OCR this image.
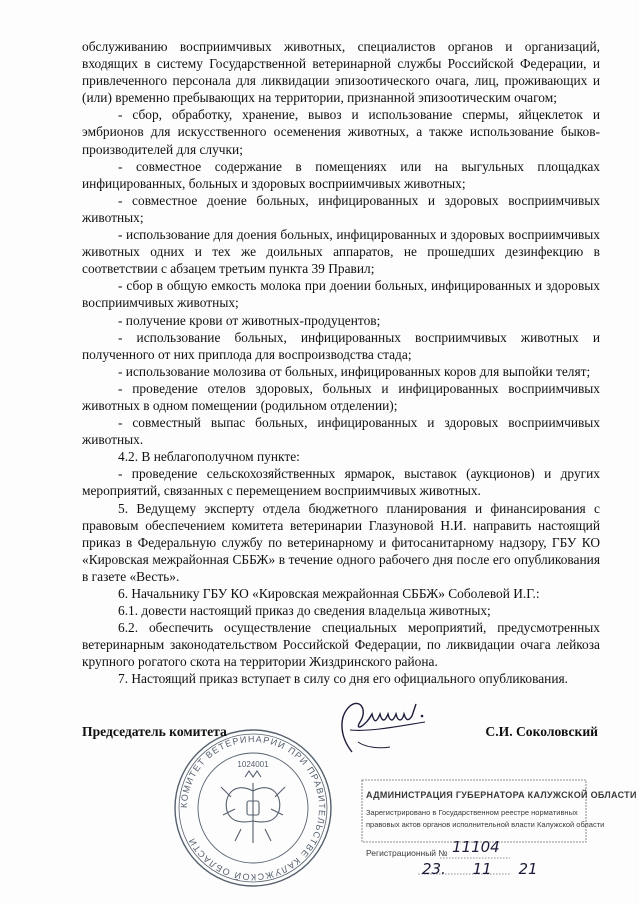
обслуживанию восприимчивых животных, специалистов органов и организаций, входящих в систему Государственной ветеринарной службы Российской Федерации, и привлеченного персонала для ликвидации эпизоотического очага, лиц, проживающих и (или) временно пребывающих на территории, признанной эпизоотическим очагом;

- сбор, обработку, хранение, вывоз и использование спермы, яйцеклеток и эмбрионов для искусственного осеменения животных, а также использование быков-производителей для случки;

- совместное содержание в помещениях или на выгульных площадках инфицированных, больных и здоровых восприимчивых животных;

- совместное доение больных, инфицированных и здоровых восприимчивых животных;

- использование для доения больных, инфицированных и здоровых восприимчивых животных одних и тех же доильных аппаратов, не прошедших дезинфекцию в соответствии с абзацем третьим пункта 39 Правил;

- сбор в общую емкость молока при доении больных, инфицированных и здоровых восприимчивых животных;

- получение крови от животных-продуцентов;

- использование больных, инфицированных восприимчивых животных и полученного от них приплода для воспроизводства стада;

- использование молозива от больных, инфицированных коров для выпойки телят;

- проведение отелов здоровых, больных и инфицированных восприимчивых животных в одном помещении (родильном отделении);

- совместный выпас больных, инфицированных и здоровых восприимчивых животных.

4.2. В неблагополучном пункте:

- проведение сельскохозяйственных ярмарок, выставок (аукционов) и других мероприятий, связанных с перемещением восприимчивых животных.

5. Ведущему эксперту отдела бюджетного планирования и финансирования с правовым обеспечением комитета ветеринарии Глазуновой Н.И. направить настоящий приказ в Федеральную службу по ветеринарному и фитосанитарному надзору, ГБУ КО «Кировская межрайонная СББЖ» в течение одного рабочего дня после его опубликования в газете «Весть».

6. Начальнику ГБУ КО «Кировская межрайонная СББЖ» Соболевой И.Г.:

6.1. довести настоящий приказ до сведения владельца животных;

6.2. обеспечить осуществление специальных мероприятий, предусмотренных ветеринарным законодательством Российской Федерации, по ликвидации очага лейкоза крупного рогатого скота на территории Жиздринского района.

7. Настоящий приказ вступает в силу со дня его официального опубликования.

КОМИТЕТ ВЕТЕРИНАРИИ ПРИ ПРАВИТЕЛЬСТВЕ КАЛУЖСКОЙ ОБЛАСТИ
1024001
Председатель комитета	С.И. Соколовский
АДМИНИСТРАЦИЯ ГУБЕРНАТОРА КАЛУЖСКОЙ ОБЛАСТИ
Зарегистрировано в Государственном реестре нормативных
правовых актов органов исполнительной власти Калужской области
Регистрационный № 11104
23. 11 21
